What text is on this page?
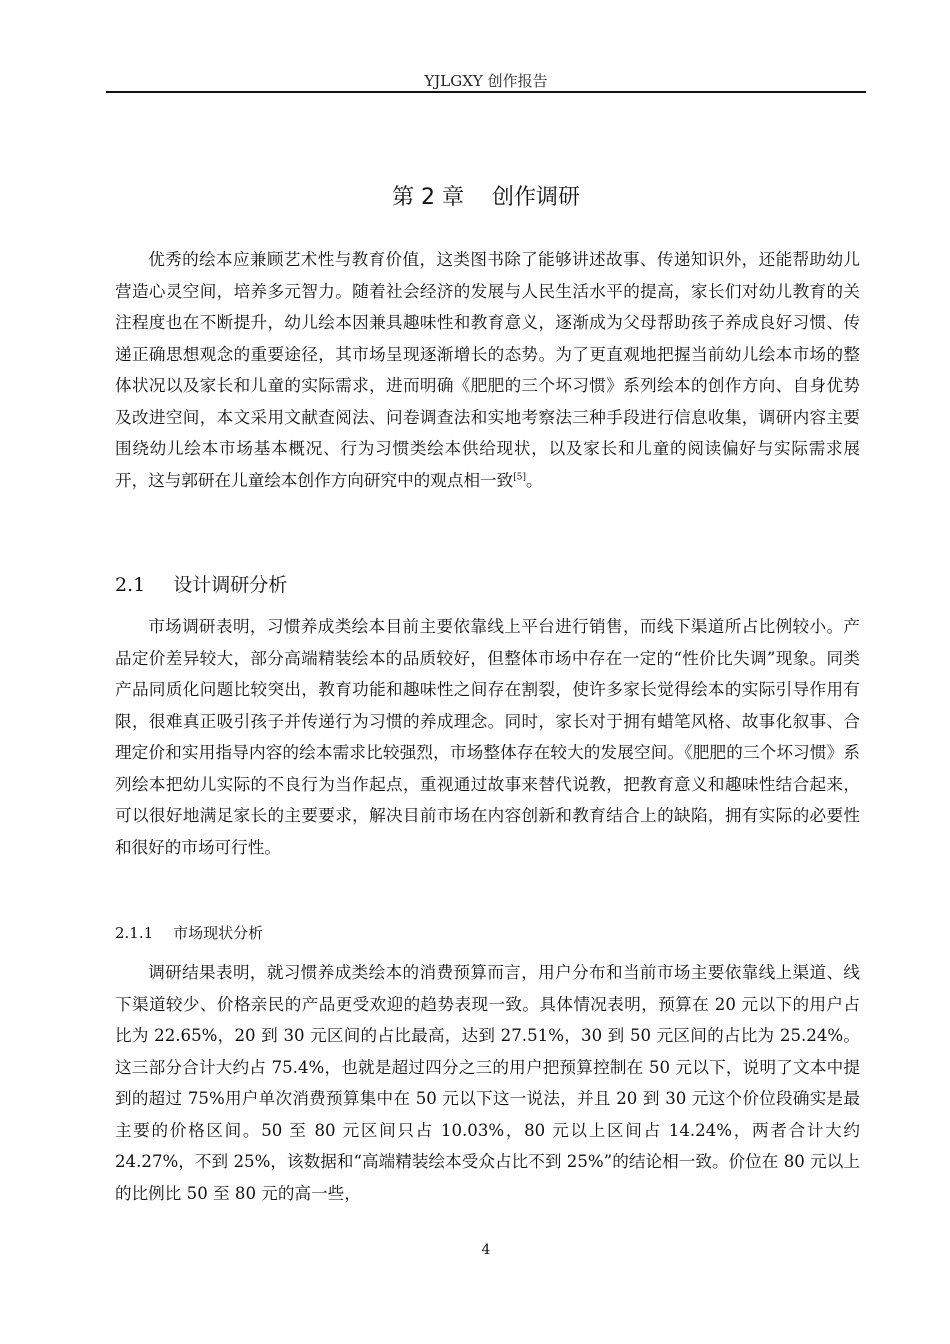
YJLGXY 创作报告
第 2 章 创作调研

优秀的绘本应兼顾艺术性与教育价值，这类图书除了能够讲述故事、传递知识外，还能帮助幼儿营造心灵空间，培养多元智力。随着社会经济的发展与人民生活水平的提高，家长们对幼儿教育的关注程度也在不断提升，幼儿绘本因兼具趣味性和教育意义，逐渐成为父母帮助孩子养成良好习惯、传递正确思想观念的重要途径，其市场呈现逐渐增长的态势。为了更直观地把握当前幼儿绘本市场的整体状况以及家长和儿童的实际需求，进而明确《肥肥的三个坏习惯》系列绘本的创作方向、自身优势及改进空间，本文采用文献查阅法、问卷调查法和实地考察法三种手段进行信息收集，调研内容主要围绕幼儿绘本市场基本概况、行为习惯类绘本供给现状，以及家长和儿童的阅读偏好与实际需求展开，这与郭研在儿童绘本创作方向研究中的观点相一致[5]。

2.1 设计调研分析

市场调研表明，习惯养成类绘本目前主要依靠线上平台进行销售，而线下渠道所占比例较小。产品定价差异较大，部分高端精装绘本的品质较好，但整体市场中存在一定的“性价比失调”现象。同类产品同质化问题比较突出，教育功能和趣味性之间存在割裂，使许多家长觉得绘本的实际引导作用有限，很难真正吸引孩子并传递行为习惯的养成理念。同时，家长对于拥有蜡笔风格、故事化叙事、合理定价和实用指导内容的绘本需求比较强烈，市场整体存在较大的发展空间。《肥肥的三个坏习惯》系列绘本把幼儿实际的不良行为当作起点，重视通过故事来替代说教，把教育意义和趣味性结合起来，可以很好地满足家长的主要要求，解决目前市场在内容创新和教育结合上的缺陷，拥有实际的必要性和很好的市场可行性。

2.1.1 市场现状分析

调研结果表明，就习惯养成类绘本的消费预算而言，用户分布和当前市场主要依靠线上渠道、线下渠道较少、价格亲民的产品更受欢迎的趋势表现一致。具体情况表明，预算在 20 元以下的用户占比为 22.65%，20 到 30 元区间的占比最高，达到 27.51%，30 到 50 元区间的占比为 25.24%。这三部分合计大约占 75.4%，也就是超过四分之三的用户把预算控制在 50 元以下，说明了文本中提到的超过 75%用户单次消费预算集中在 50 元以下这一说法，并且 20 到 30 元这个价位段确实是最主要的价格区间。50 至 80 元区间只占 10.03%，80 元以上区间占 14.24%，两者合计大约 24.27%，不到 25%，该数据和“高端精装绘本受众占比不到 25%”的结论相一致。价位在 80 元以上的比例比 50 至 80 元的高一些，

4
